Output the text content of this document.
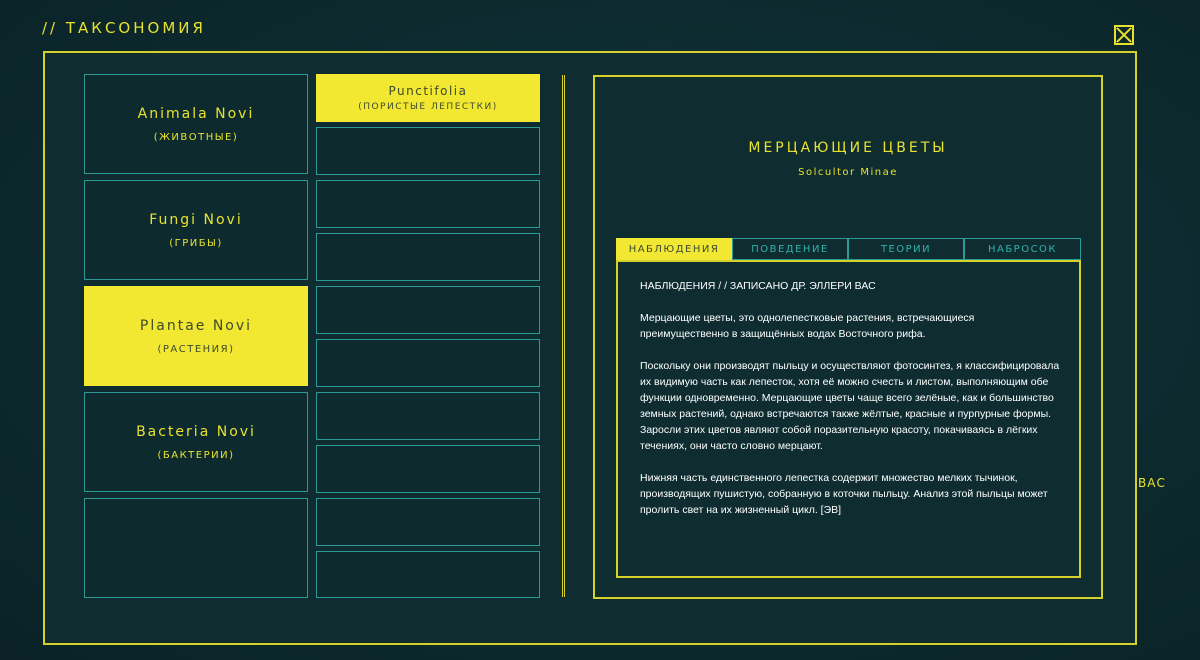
// ТАКСОНОМИЯ
ВАС
Animala Novi
(ЖИВОТНЫЕ)
Fungi Novi
(ГРИБЫ)
Plantae Novi
(РАСТЕНИЯ)
Bacteria Novi
(БАКТЕРИИ)
Punctifolia
(ПОРИСТЫЕ ЛЕПЕСТКИ)
МЕРЦАЮЩИЕ ЦВЕТЫ
Solcultor Minae
НАБЛЮДЕНИЯ	ПОВЕДЕНИЕ	ТЕОРИИ	НАБРОСОК
НАБЛЮДЕНИЯ / / ЗАПИСАНО ДР. ЭЛЛЕРИ ВАС

Мерцающие цветы, это однолепестковые растения, встречающиеся преимущественно в защищённых водах Восточного рифа.

Поскольку они производят пыльцу и осуществляют фотосинтез, я классифицировала их видимую часть как лепесток, хотя её можно счесть и листом, выполняющим обе функции одновременно. Мерцающие цветы чаще всего зелёные, как и большинство земных растений, однако встречаются также жёлтые, красные и пурпурные формы. Заросли этих цветов являют собой поразительную красоту, покачиваясь в лёгких течениях, они часто словно мерцают.

Нижняя часть единственного лепестка содержит множество мелких тычинок, производящих пушистую, собранную в коточки пыльцу. Анализ этой пыльцы может пролить свет на их жизненный цикл. [ЭВ]
